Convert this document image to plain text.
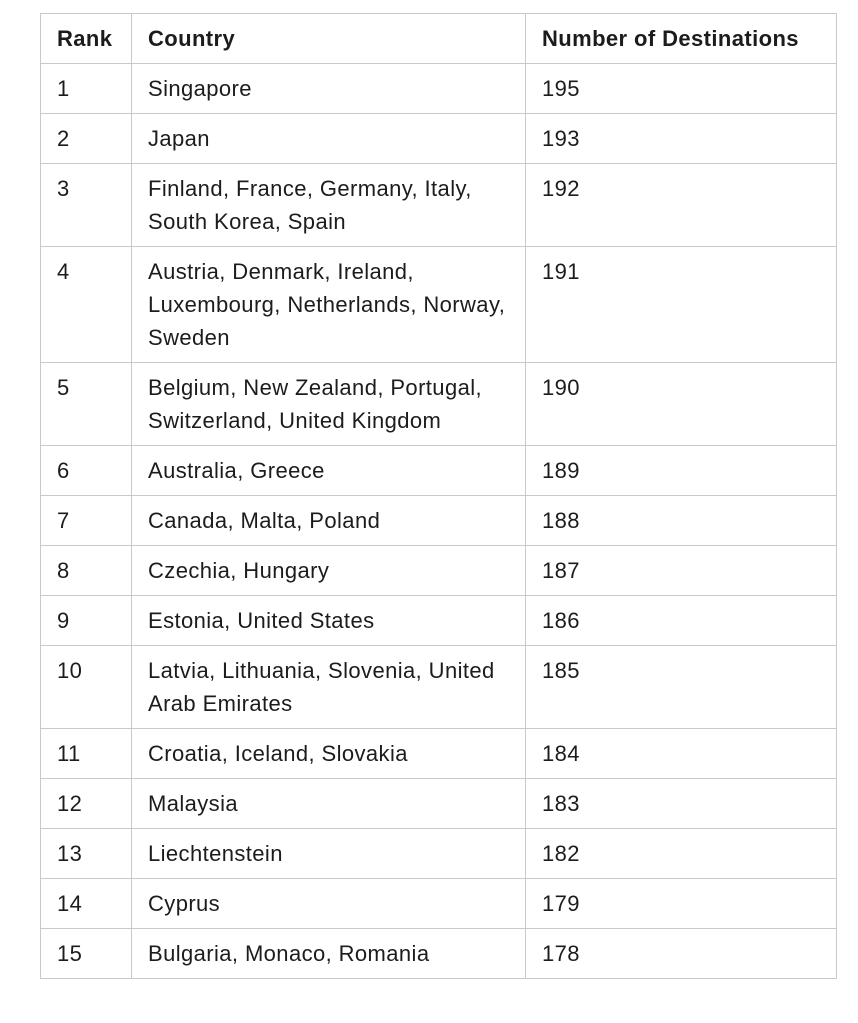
Rank	Country	Number of Destinations
1	Singapore	195
2	Japan	193
3	Finland, France, Germany, Italy, South Korea, Spain	192
4	Austria, Denmark, Ireland, Luxembourg, Netherlands, Norway, Sweden	191
5	Belgium, New Zealand, Portugal, Switzerland, United Kingdom	190
6	Australia, Greece	189
7	Canada, Malta, Poland	188
8	Czechia, Hungary	187
9	Estonia, United States	186
10	Latvia, Lithuania, Slovenia, United Arab Emirates	185
11	Croatia, Iceland, Slovakia	184
12	Malaysia	183
13	Liechtenstein	182
14	Cyprus	179
15	Bulgaria, Monaco, Romania	178
